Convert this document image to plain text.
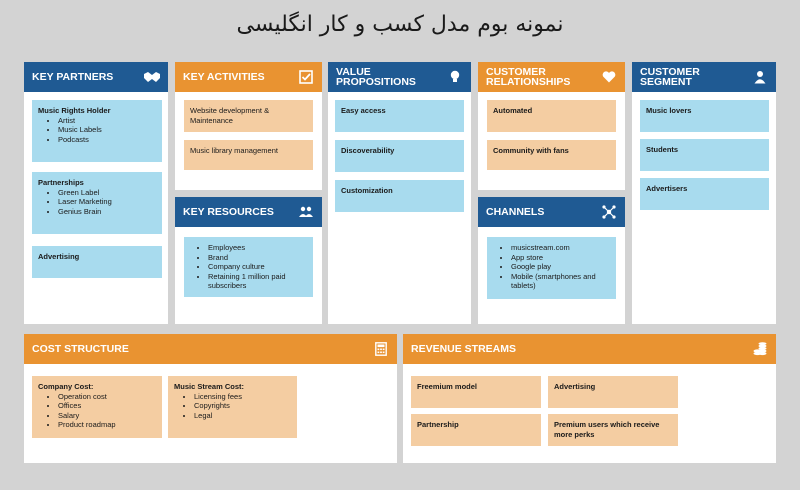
نمونه بوم مدل کسب و کار انگلیسی
KEY PARTNERS
Music Rights Holder
• Artist
• Music Labels
• Podcasts
Partnerships
• Green Label
• Laser Marketing
• Genius Brain
Advertising
KEY ACTIVITIES
Website development & Maintenance
Music library management
KEY RESOURCES
• Employees
• Brand
• Company culture
• Retaining 1 million paid subscribers
VALUE PROPOSITIONS
Easy access
Discoverability
Customization
CUSTOMER RELATIONSHIPS
Automated
Community with fans
CHANNELS
• musicstream.com
• App store
• Google play
• Mobile (smartphones and tablets)
CUSTOMER SEGMENT
Music lovers
Students
Advertisers
COST STRUCTURE
Company Cost:
• Operation cost
• Offices
• Salary
• Product roadmap
Music Stream Cost:
• Licensing fees
• Copyrights
• Legal
REVENUE STREAMS
Freemium model	Advertising
Partnership	Premium users which receive more perks
